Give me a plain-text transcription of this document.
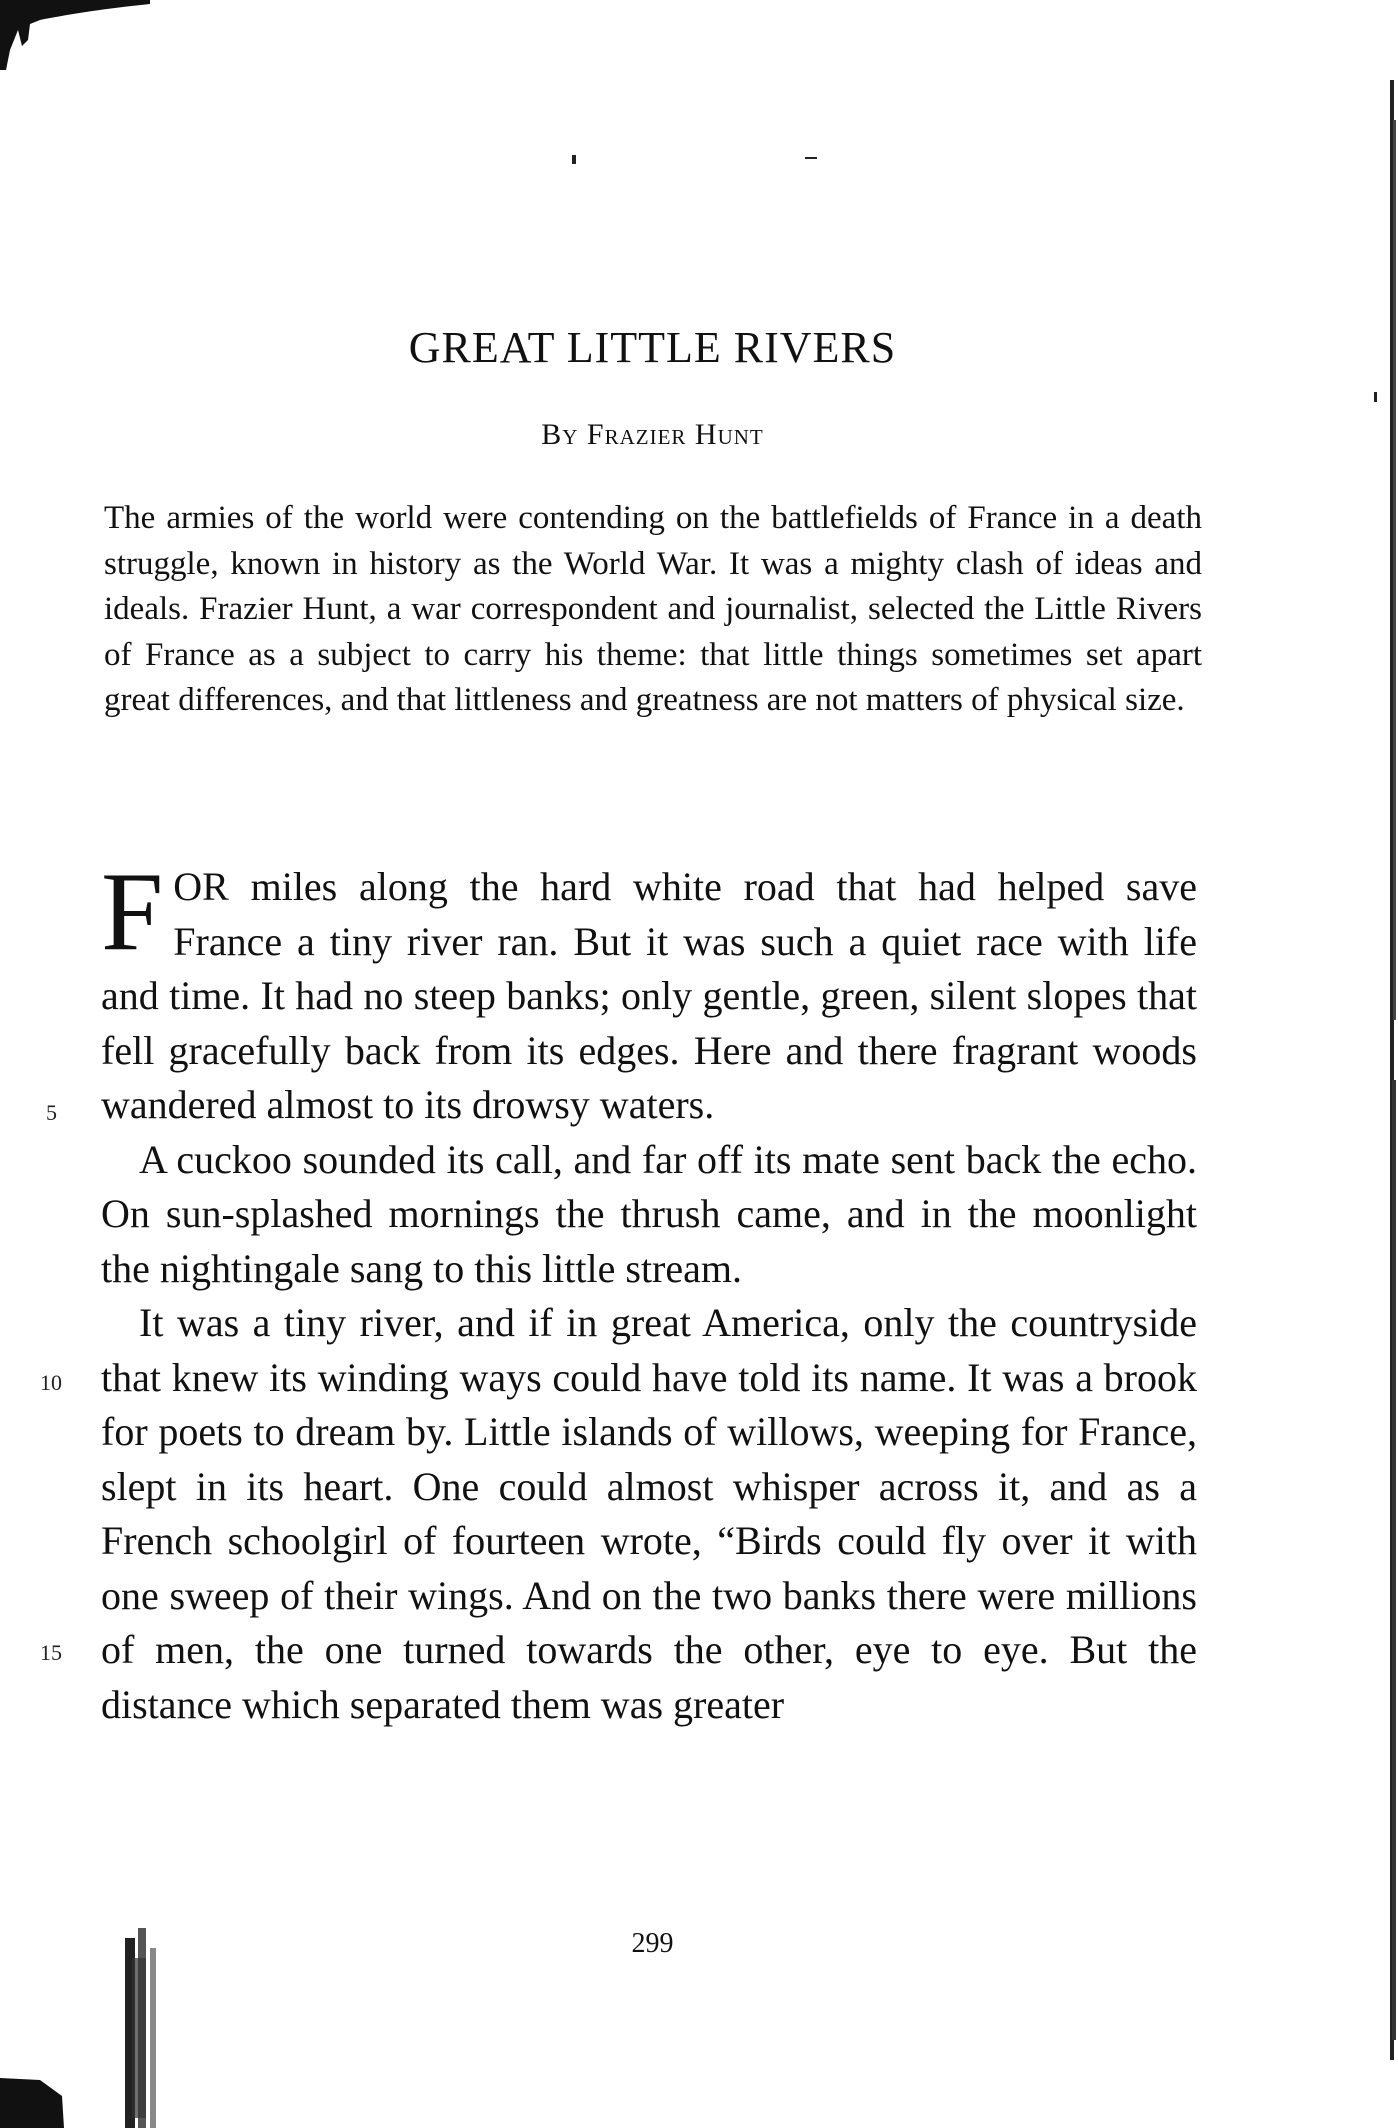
GREAT LITTLE RIVERS
By Frazier Hunt

The armies of the world were contending on the battlefields of France in a death struggle, known in history as the World War. It was a mighty clash of ideas and ideals. Frazier Hunt, a war correspondent and journalist, selected the Little Rivers of France as a subject to carry his theme: that little things sometimes set apart great differences, and that littleness and greatness are not matters of physical size.

FOR miles along the hard white road that had helped save France a tiny river ran. But it was such a quiet race with life and time. It had no steep banks; only gentle, green, silent slopes that fell gracefully back from its edges. Here and there fragrant woods wandered almost to its drowsy waters.

A cuckoo sounded its call, and far off its mate sent back the echo. On sun-splashed mornings the thrush came, and in the moonlight the nightingale sang to this little stream.

It was a tiny river, and if in great America, only the countryside that knew its winding ways could have told its name. It was a brook for poets to dream by. Little islands of willows, weeping for France, slept in its heart. One could almost whisper across it, and as a French schoolgirl of fourteen wrote, “Birds could fly over it with one sweep of their wings. And on the two banks there were millions of men, the one turned towards the other, eye to eye. But the distance which separated them was greater

5
10
15
299
